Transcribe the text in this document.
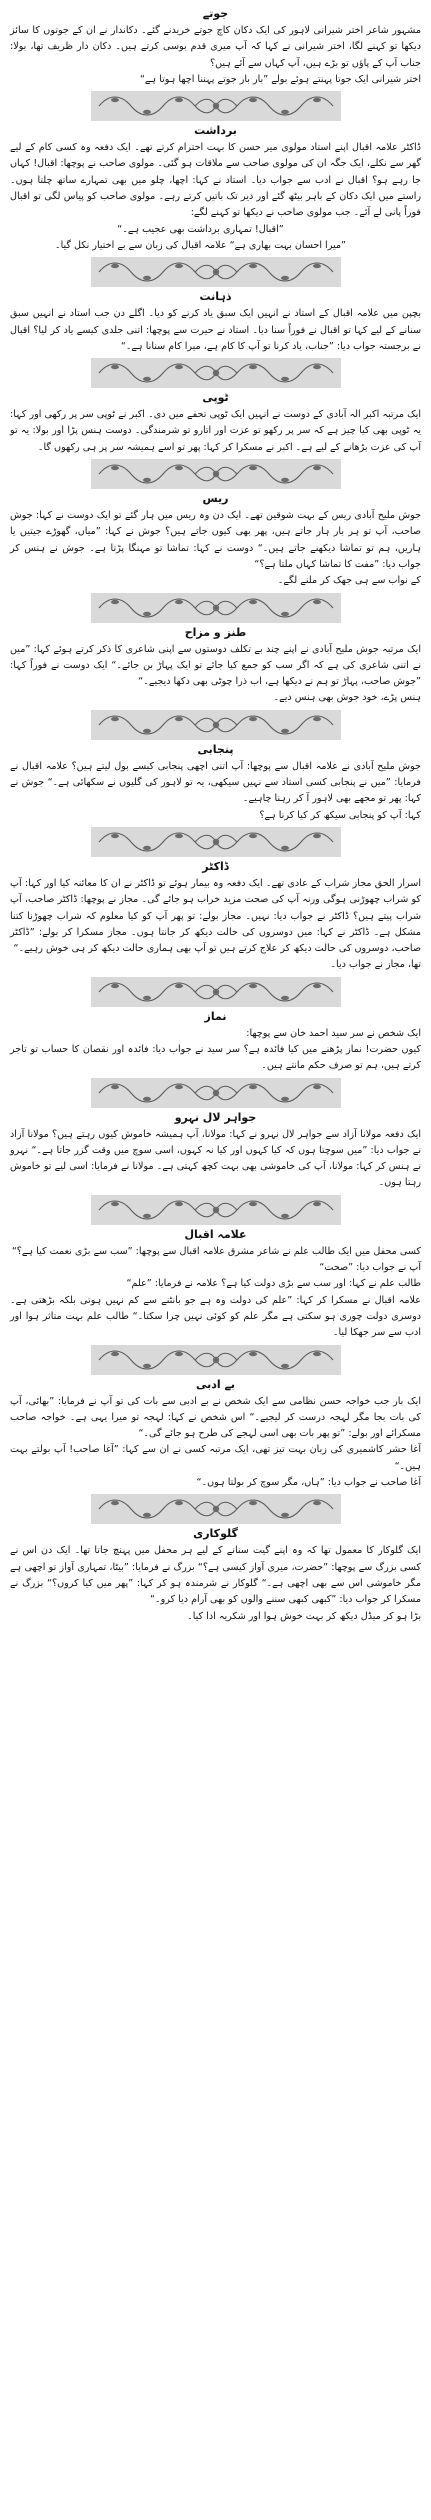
جوتے

مشہور شاعر اختر شیرانی لاہور کی ایک دکان کاچ جوتے خریدنے گئے۔ دکاندار نے ان کے جوتوں کا سائز دیکھا تو کہنے لگا، اختر شیرانی نے کہا کہ آپ میری قدم بوسی کرتے ہیں۔ دکان دار ظریف تھا، بولا: جناب آپ کے پاؤں تو بڑے ہیں، آپ کہاں سے آئے ہیں؟

اختر شیرانی ایک جوتا پہنتے ہوئے بولے ”بار بار جوتے پہننا اچھا ہوتا ہے“

برداشت

ڈاکٹر علامہ اقبال اپنے استاد مولوی میر حسن کا بہت احترام کرتے تھے۔ ایک دفعہ وہ کسی کام کے لیے گھر سے نکلے، ایک جگہ ان کی مولوی صاحب سے ملاقات ہو گئی۔ مولوی صاحب نے پوچھا: اقبال! کہاں جا رہے ہو؟ اقبال نے ادب سے جواب دیا۔ استاد نے کہا: اچھا، چلو میں بھی تمہارے ساتھ چلتا ہوں۔ راستے میں ایک دکان کے باہر بیٹھ گئے اور دیر تک باتیں کرتے رہے۔ مولوی صاحب کو پیاس لگی تو اقبال فوراً پانی لے آئے۔ جب مولوی صاحب نے دیکھا تو کہنے لگے:

”اقبال! تمہاری برداشت بھی عجیب ہے۔“

”میرا احسان بہت بھاری ہے“ علامہ اقبال کی زبان سے بے اختیار نکل گیا۔

ذہانت

بچپن میں علامہ اقبال کے استاد نے انہیں ایک سبق یاد کرنے کو دیا۔ اگلے دن جب استاد نے انہیں سبق سنانے کے لیے کہا تو اقبال نے فوراً سنا دیا۔ استاد نے حیرت سے پوچھا: اتنی جلدی کیسے یاد کر لیا؟ اقبال نے برجستہ جواب دیا: ”جناب، یاد کرنا تو آپ کا کام ہے، میرا کام سنانا ہے۔“

ٹوپی

ایک مرتبہ اکبر الہ آبادی کے دوست نے انہیں ایک ٹوپی تحفے میں دی۔ اکبر نے ٹوپی سر پر رکھی اور کہا: یہ ٹوپی بھی کیا چیز ہے کہ سر پر رکھو تو عزت اور اتارو تو شرمندگی۔ دوست ہنس پڑا اور بولا: یہ تو آپ کی عزت بڑھانے کے لیے ہے۔ اکبر نے مسکرا کر کہا: پھر تو اسے ہمیشہ سر پر ہی رکھوں گا۔

ریس

جوش ملیح آبادی ریس کے بہت شوقین تھے۔ ایک دن وہ ریس میں ہار گئے تو ایک دوست نے کہا: جوش صاحب، آپ تو ہر بار ہار جاتے ہیں، پھر بھی کیوں جاتے ہیں؟ جوش نے کہا: ”میاں، گھوڑے جیتیں یا ہاریں، ہم تو تماشا دیکھنے جاتے ہیں۔“ دوست نے کہا: تماشا تو مہنگا پڑتا ہے۔ جوش نے ہنس کر جواب دیا: ”مفت کا تماشا کہاں ملتا ہے؟“

کے نواب سے ہی جھک کر ملنے لگے۔

طنز و مزاح

ایک مرتبہ جوش ملیح آبادی نے اپنے چند بے تکلف دوستوں سے اپنی شاعری کا ذکر کرتے ہوئے کہا: ”میں نے اتنی شاعری کی ہے کہ اگر سب کو جمع کیا جائے تو ایک پہاڑ بن جائے۔“ ایک دوست نے فوراً کہا: ”جوش صاحب، پہاڑ تو ہم نے دیکھا ہے، اب ذرا چوٹی بھی دکھا دیجیے۔“

ہنس پڑے، خود جوش بھی ہنس دیے۔

پنجابی

جوش ملیح آبادی نے علامہ اقبال سے پوچھا: آپ اتنی اچھی پنجابی کیسے بول لیتے ہیں؟ علامہ اقبال نے فرمایا: ”میں نے پنجابی کسی استاد سے نہیں سیکھی، یہ تو لاہور کی گلیوں نے سکھائی ہے۔“ جوش نے کہا: پھر تو مجھے بھی لاہور آ کر رہنا چاہیے۔

کہا: آپ کو پنجابی سیکھ کر کیا کرنا ہے؟

ڈاکٹر

اسرار الحق مجاز شراب کے عادی تھے۔ ایک دفعہ وہ بیمار ہوئے تو ڈاکٹر نے ان کا معائنہ کیا اور کہا: آپ کو شراب چھوڑنی ہوگی ورنہ آپ کی صحت مزید خراب ہو جائے گی۔ مجاز نے پوچھا: ڈاکٹر صاحب، آپ شراب پیتے ہیں؟ ڈاکٹر نے جواب دیا: نہیں۔ مجاز بولے: تو پھر آپ کو کیا معلوم کہ شراب چھوڑنا کتنا مشکل ہے۔ ڈاکٹر نے کہا: میں دوسروں کی حالت دیکھ کر جانتا ہوں۔ مجاز مسکرا کر بولے: ”ڈاکٹر صاحب، دوسروں کی حالت دیکھ کر علاج کرتے ہیں تو آپ بھی ہماری حالت دیکھ کر ہی خوش رہیے۔“

تھا، مجاز نے جواب دیا۔

نماز

ایک شخص نے سر سید احمد خان سے پوچھا:

کیوں حضرت! نماز پڑھنے میں کیا فائدہ ہے؟ سر سید نے جواب دیا: فائدہ اور نقصان کا حساب تو تاجر کرتے ہیں، ہم تو صرف حکم مانتے ہیں۔

جواہر لال نہرو

ایک دفعہ مولانا آزاد سے جواہر لال نہرو نے کہا: مولانا، آپ ہمیشہ خاموش کیوں رہتے ہیں؟ مولانا آزاد نے جواب دیا: ”میں سوچتا ہوں کہ کیا کہوں اور کیا نہ کہوں، اسی سوچ میں وقت گزر جاتا ہے۔“ نہرو نے ہنس کر کہا: مولانا، آپ کی خاموشی بھی بہت کچھ کہتی ہے۔ مولانا نے فرمایا: اسی لیے تو خاموش رہتا ہوں۔

علامہ اقبال

کسی محفل میں ایک طالب علم نے شاعر مشرق علامہ اقبال سے پوچھا: ”سب سے بڑی نعمت کیا ہے؟“

آپ نے جواب دیا: ”صحت“

طالب علم نے کہا: اور سب سے بڑی دولت کیا ہے؟ علامہ نے فرمایا: ”علم“

علامہ اقبال نے مسکرا کر کہا: ”علم کی دولت وہ ہے جو بانٹنے سے کم نہیں ہوتی بلکہ بڑھتی ہے۔ دوسری دولت چوری ہو سکتی ہے مگر علم کو کوئی نہیں چرا سکتا۔“ طالب علم بہت متاثر ہوا اور ادب سے سر جھکا لیا۔

بے ادبی

ایک بار جب خواجہ حسن نظامی سے ایک شخص نے بے ادبی سے بات کی تو آپ نے فرمایا: ”بھائی، آپ کی بات بجا مگر لہجہ درست کر لیجیے۔“ اس شخص نے کہا: لہجہ تو میرا یہی ہے۔ خواجہ صاحب مسکرائے اور بولے: ”تو پھر بات بھی اسی لہجے کی طرح ہو جائے گی۔“

آغا حشر کاشمیری کی زبان بہت تیز تھی، ایک مرتبہ کسی نے ان سے کہا: ”آغا صاحب! آپ بولتے بہت ہیں۔“

آغا صاحب نے جواب دیا: ”ہاں، مگر سوچ کر بولتا ہوں۔“

گلوکاری

ایک گلوکار کا معمول تھا کہ وہ اپنے گیت سنانے کے لیے ہر محفل میں پہنچ جاتا تھا۔ ایک دن اس نے کسی بزرگ سے پوچھا: ”حضرت، میری آواز کیسی ہے؟“ بزرگ نے فرمایا: ”بیٹا، تمہاری آواز تو اچھی ہے مگر خاموشی اس سے بھی اچھی ہے۔“ گلوکار نے شرمندہ ہو کر کہا: ”پھر میں کیا کروں؟“ بزرگ نے مسکرا کر جواب دیا: ”کبھی کبھی سننے والوں کو بھی آرام دیا کرو۔“

بڑا ہو کر میڈل دیکھ کر بہت خوش ہوا اور شکریہ ادا کیا۔
